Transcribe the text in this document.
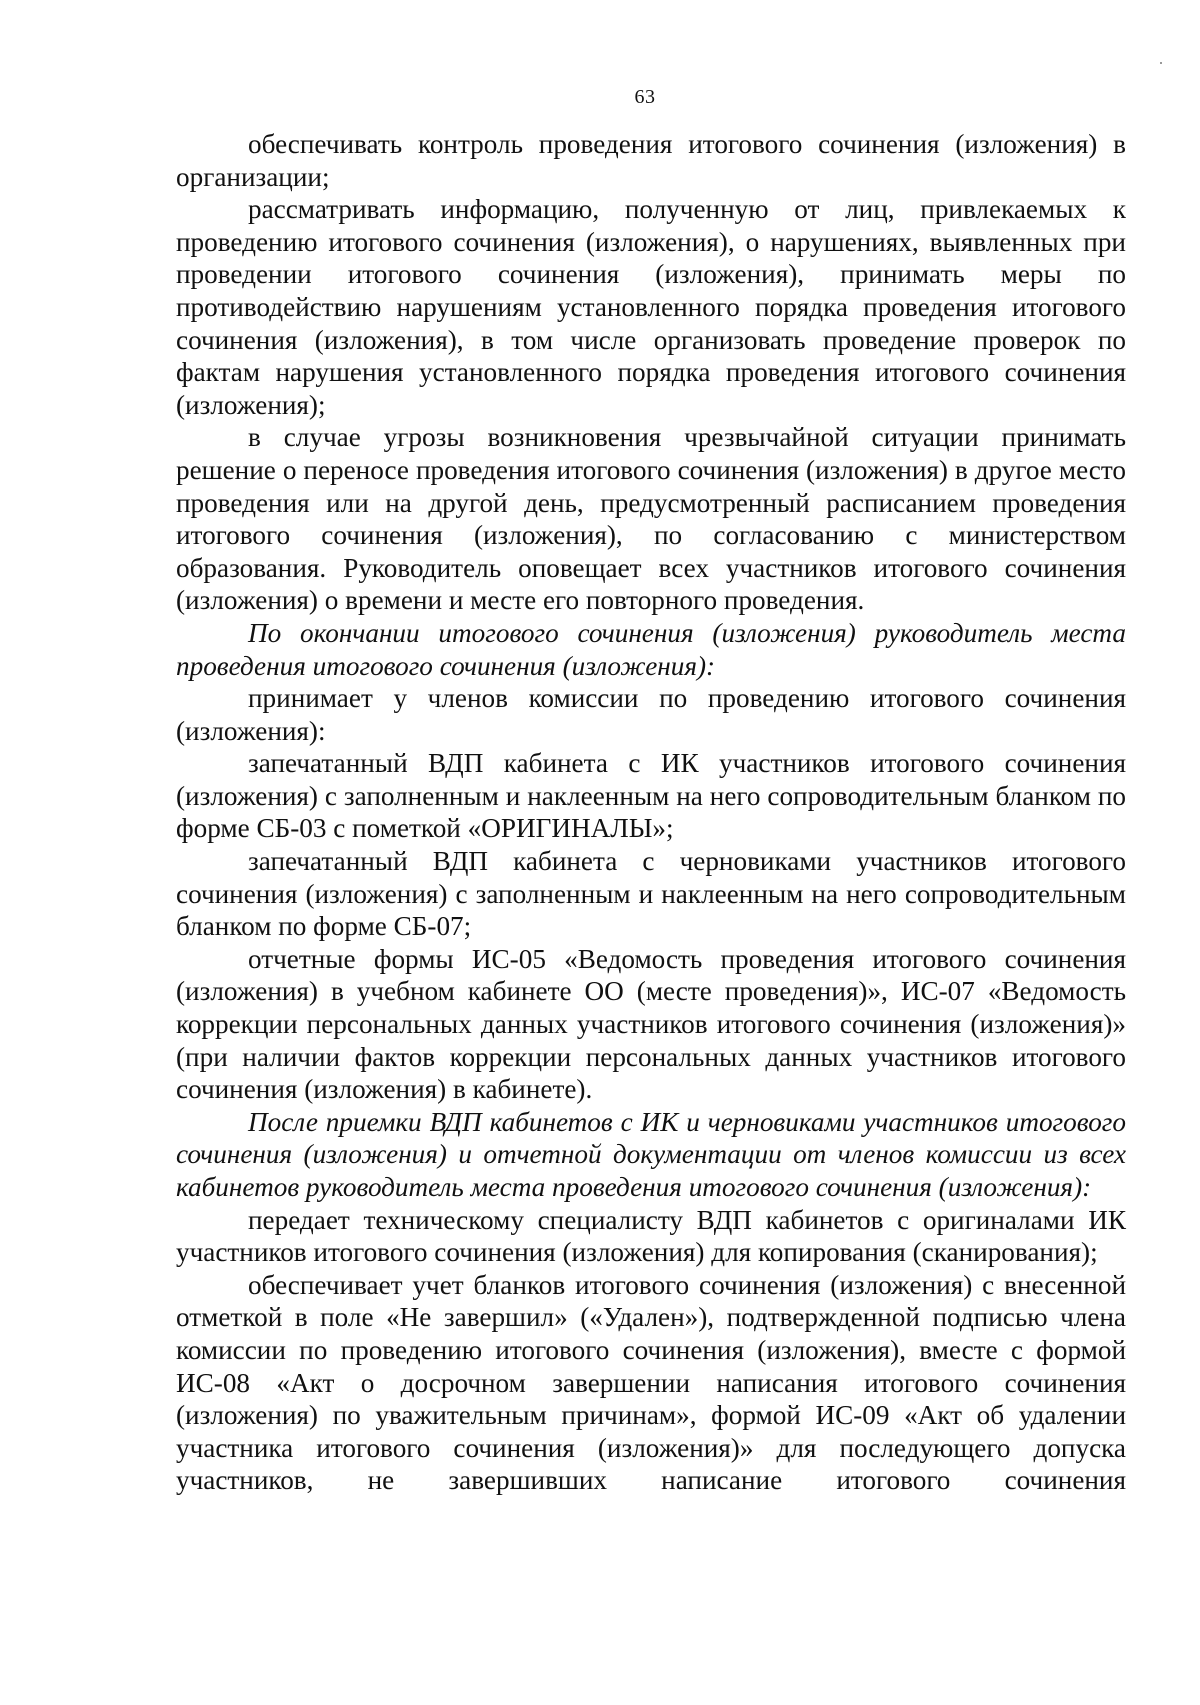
63

обеспечивать контроль проведения итогового сочинения (изложения) в организации;

рассматривать информацию, полученную от лиц, привлекаемых к проведению итогового сочинения (изложения), о нарушениях, выявленных при проведении итогового сочинения (изложения), принимать меры по противодействию нарушениям установленного порядка проведения итогового сочинения (изложения), в том числе организовать проведение проверок по фактам нарушения установленного порядка проведения итогового сочинения (изложения);

в случае угрозы возникновения чрезвычайной ситуации принимать решение о переносе проведения итогового сочинения (изложения) в другое место проведения или на другой день, предусмотренный расписанием проведения итогового сочинения (изложения), по согласованию с министерством образования. Руководитель оповещает всех участников итогового сочинения (изложения) о времени и месте его повторного проведения.

По окончании итогового сочинения (изложения) руководитель места проведения итогового сочинения (изложения):

принимает у членов комиссии по проведению итогового сочинения (изложения):

запечатанный ВДП кабинета с ИК участников итогового сочинения (изложения) с заполненным и наклеенным на него сопроводительным бланком по форме СБ-03 с пометкой «ОРИГИНАЛЫ»;

запечатанный ВДП кабинета с черновиками участников итогового сочинения (изложения) с заполненным и наклеенным на него сопроводительным бланком по форме СБ-07;

отчетные формы ИС-05 «Ведомость проведения итогового сочинения (изложения) в учебном кабинете ОО (месте проведения)», ИС-07 «Ведомость коррекции персональных данных участников итогового сочинения (изложения)» (при наличии фактов коррекции персональных данных участников итогового сочинения (изложения) в кабинете).

После приемки ВДП кабинетов с ИК и черновиками участников итогового сочинения (изложения) и отчетной документации от членов комиссии из всех кабинетов руководитель места проведения итогового сочинения (изложения):

передает техническому специалисту ВДП кабинетов с оригиналами ИК участников итогового сочинения (изложения) для копирования (сканирования);

обеспечивает учет бланков итогового сочинения (изложения) с внесенной отметкой в поле «Не завершил» («Удален»), подтвержденной подписью члена комиссии по проведению итогового сочинения (изложения), вместе с формой ИС-08 «Акт о досрочном завершении написания итогового сочинения (изложения) по уважительным причинам», формой ИС-09 «Акт об удалении участника итогового сочинения (изложения)» для последующего допуска участников, не завершивших написание итогового сочинения
